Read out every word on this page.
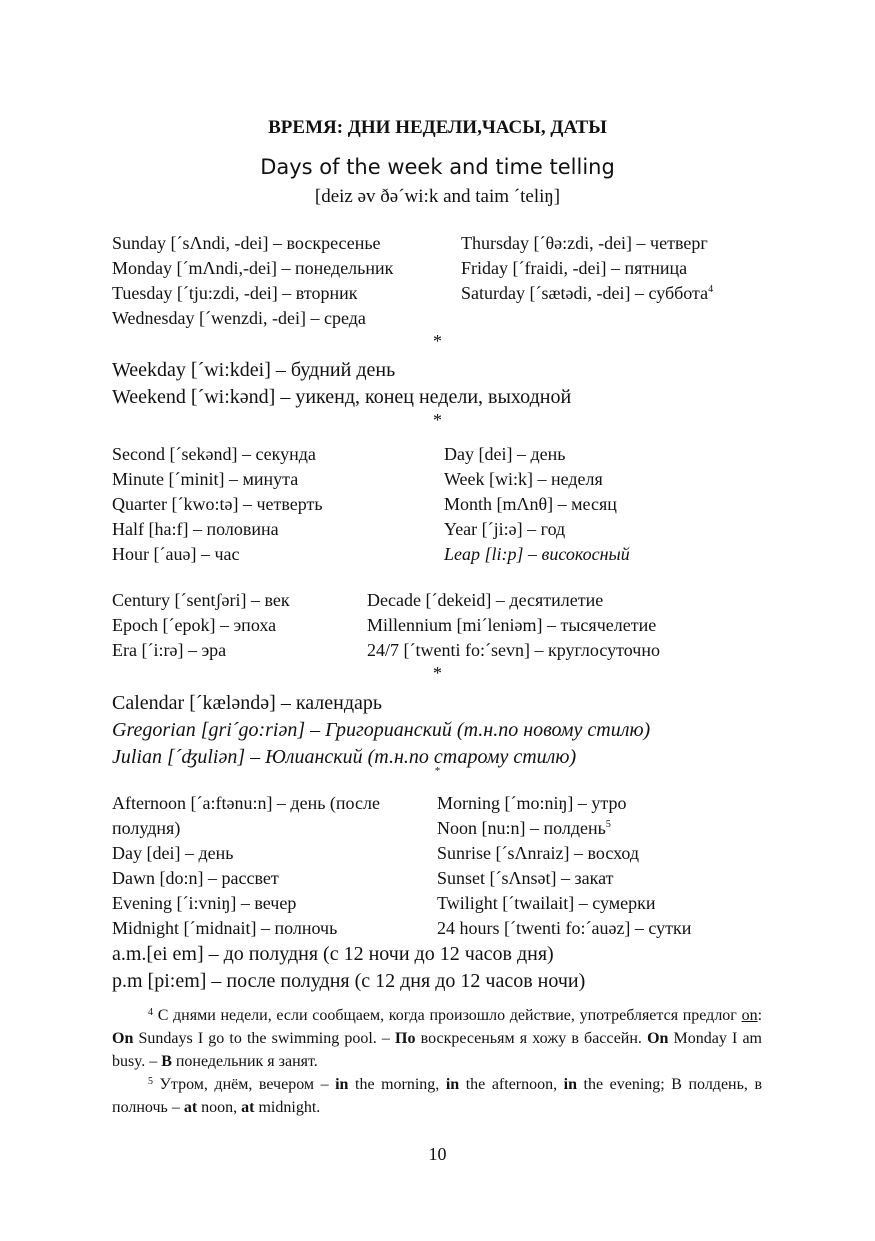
ВРЕМЯ: ДНИ НЕДЕЛИ,ЧАСЫ, ДАТЫ
Days of the week and time telling
[deiz əv ðə´wi:k and taim ´teliŋ]
Sunday [´sΛndi, -dei] – воскресенье
Monday [´mΛndi,-dei] – понедельник
Tuesday [´tju:zdi, -dei] – вторник
Wednesday [´wenzdi, -dei] – среда
Thursday [´θə:zdi, -dei] – четверг
Friday [´fraidi, -dei] – пятница
Saturday [´sætədi, -dei] – суббота$^4$
*
Weekday [´wi:kdei] – будний день
Weekend [´wi:kənd] – уикенд, конец недели, выходной
*
Second [´sekənd] – секунда
Minute [´minit] – минута
Quarter [´kwo:tə] – четверть
Half [ha:f] – половина
Hour [´auə] – час
Day [dei] – день
Week [wi:k] – неделя
Month [mΛnθ] – месяц
Year [´ji:ə] – год
Leap [li:p] – високосный
Century [´sentʃəri] – век
Epoch [´epok] – эпоха
Era [´i:rə] – эра
Decade [´dekeid] – десятилетие
Millennium [mi´leniəm] – тысячелетие
24/7 [´twenti fo:´sevn] – круглосуточно
*
Calendar [´kæləndə] – календарь
Gregorian [gri´go:riən] – Григорианский (т.н.по новому стилю)
Julian [´ʤuliən] – Юлианский (т.н.по старому стилю)
*
Afternoon [´a:ftənu:n] – день (после
полудня)
Day [dei] – день
Dawn [do:n] – рассвет
Evening [´i:vniŋ] – вечер
Midnight [´midnait] – полночь
Morning [´mo:niŋ] – утро
Noon [nu:n] – полдень$^5$
Sunrise [´sΛnraiz] – восход
Sunset [´sΛnsət] – закат
Twilight [´twailait] – сумерки
24 hours [´twenti fo:´auəz] – сутки
a.m.[ei em] – до полудня (с 12 ночи до 12 часов дня)
p.m [pi:em] – после полудня (с 12 дня до 12 часов ночи)

$^4$ С днями недели, если сообщаем, когда произошло действие, употребляется предлог on: On Sundays I go to the swimming pool. – По воскресеньям я хожу в бассейн. On Monday I am busy. – В понедельник я занят.

$^5$ Утром, днём, вечером – in the morning, in the afternoon, in the evening; В полдень, в полночь – at noon, at midnight.

10
